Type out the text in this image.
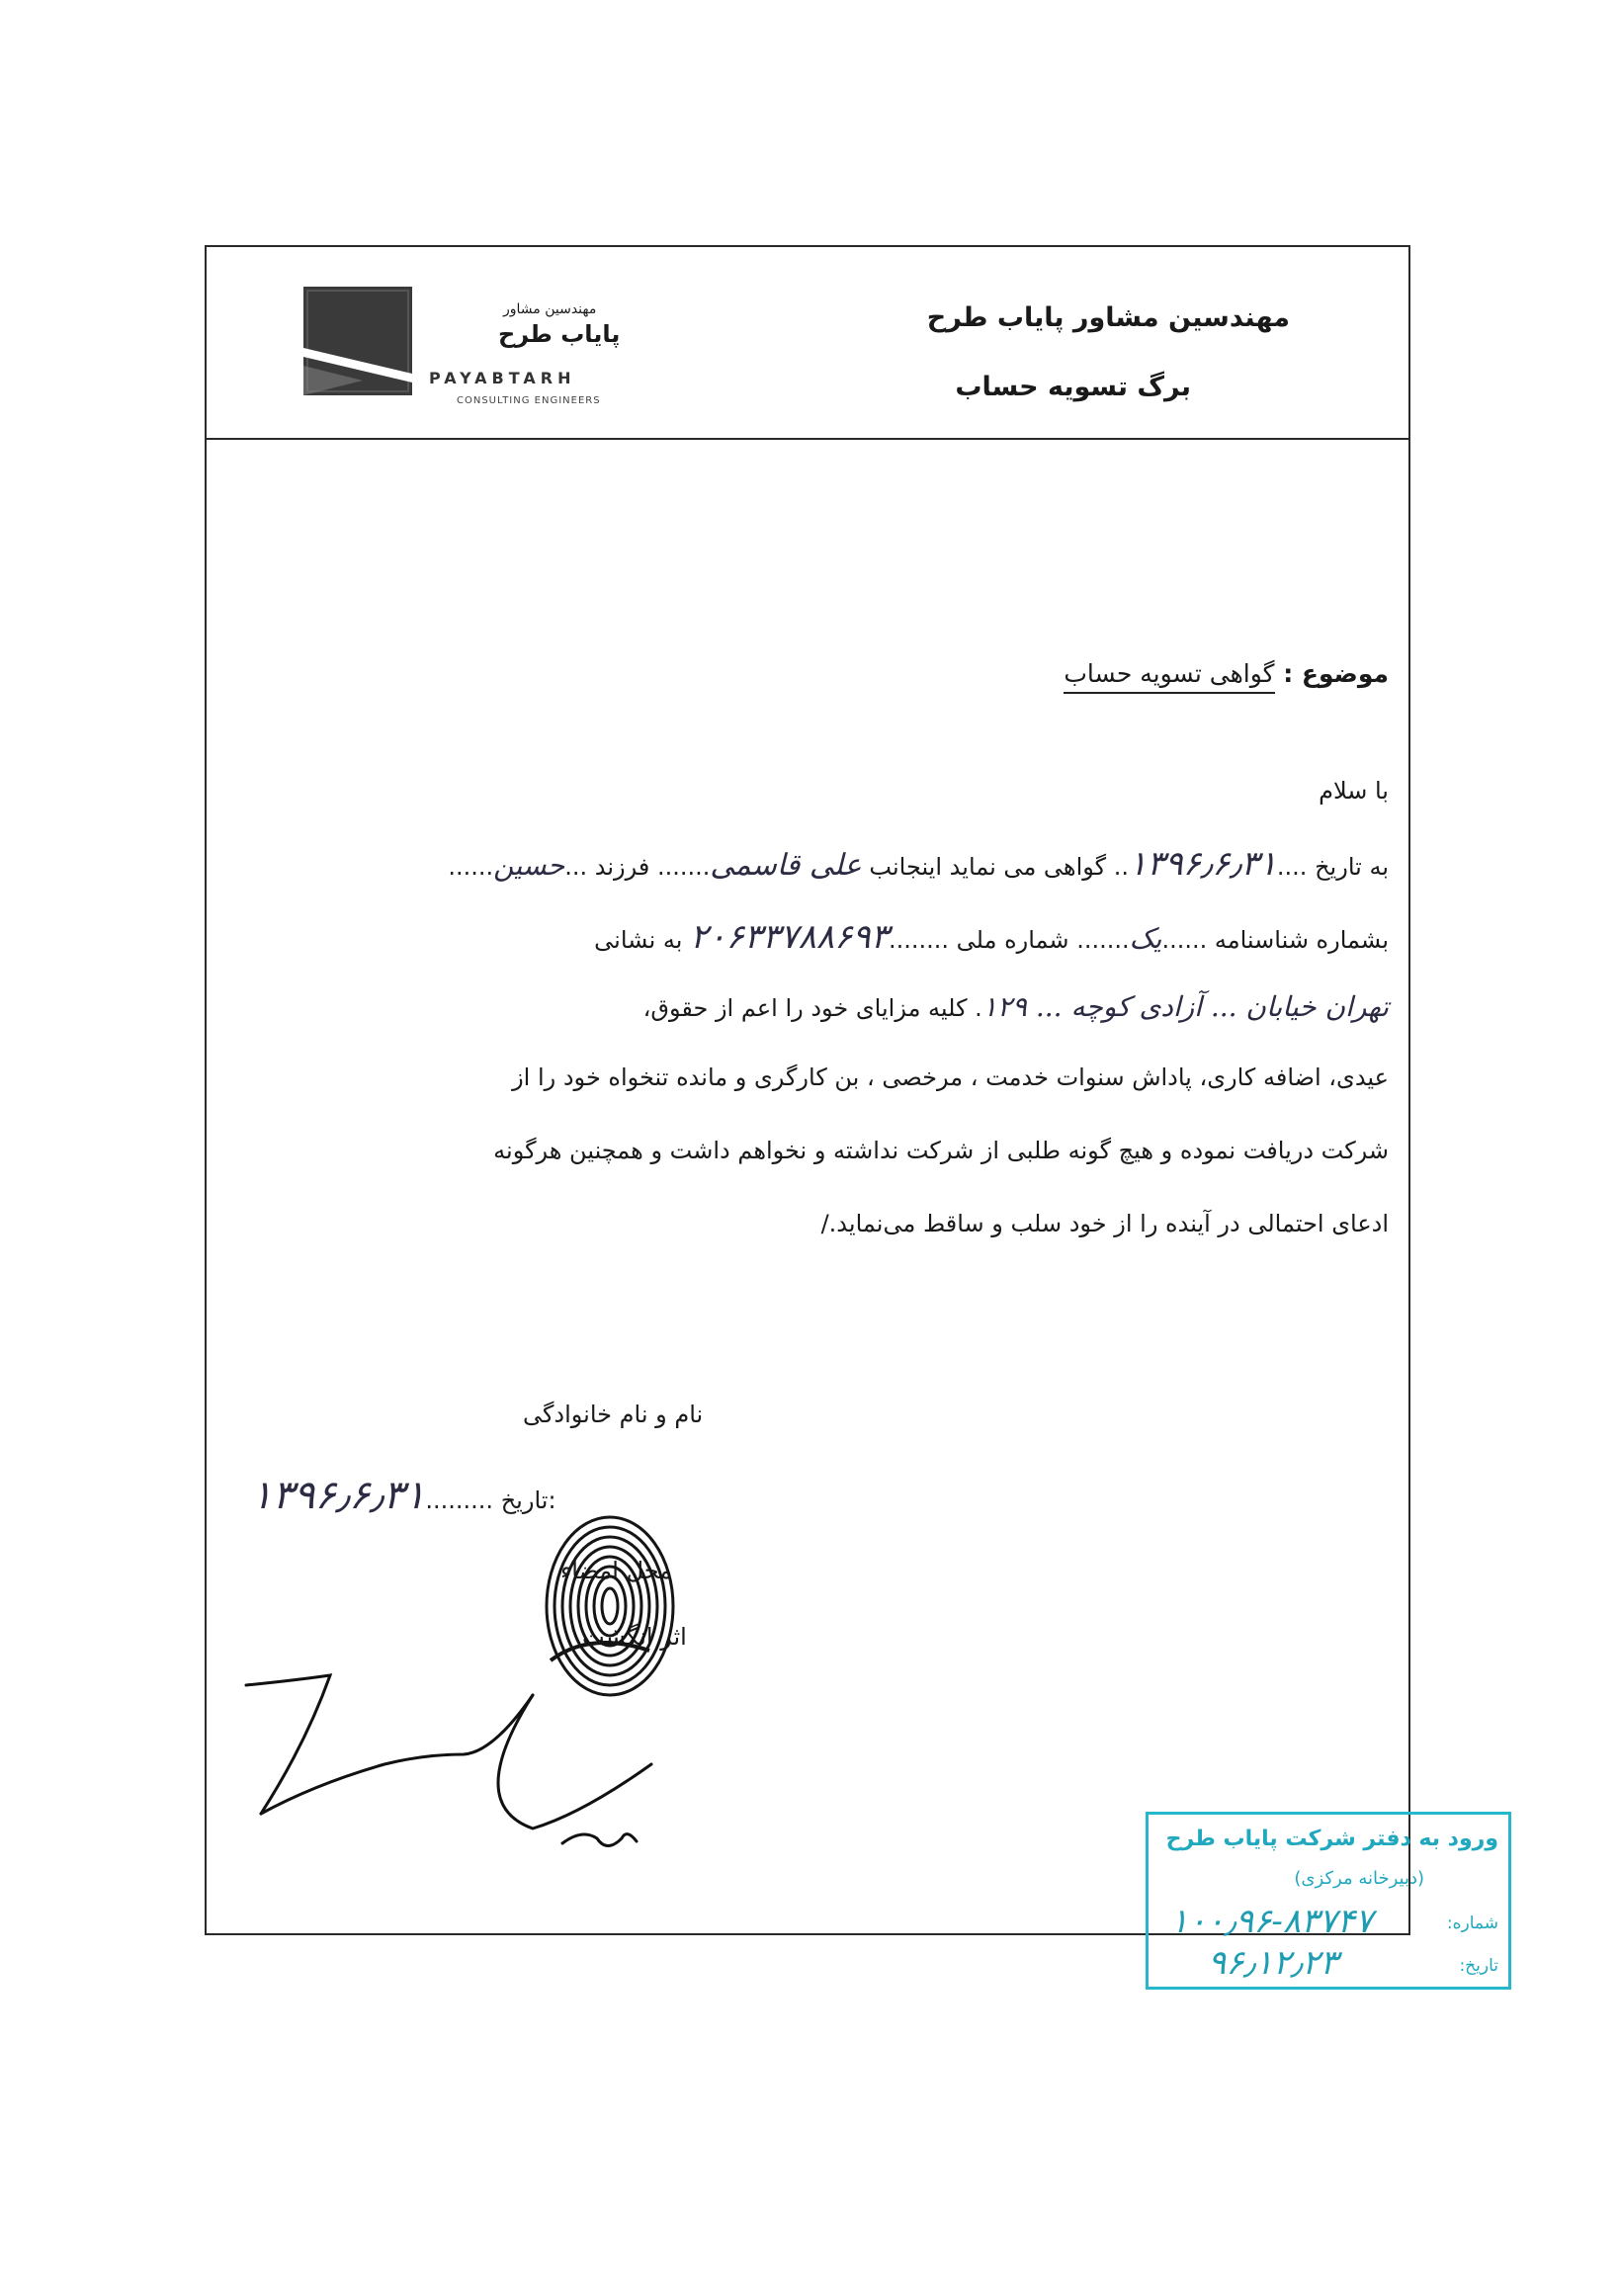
مهندسین مشاور پایاب طرح
برگ تسویه حساب
مهندسین مشاور
پایاب طرح
PAYABTARH
CONSULTING ENGINEERS
موضوع : گواهی تسویه حساب
با سلام
به تاریخ ....۱۳۹۶٫۶٫۳۱.. گواهی می نماید اینجانب علی قاسمی....... فرزند ...حسین......
بشماره شناسنامه ......یک....... شماره ملی ........۲۰۶۳۳۷۸۸۶۹۳ به نشانی
تهران خیابان ... آزادی کوچه ... ۱۲۹. کلیه مزایای خود را اعم از حقوق،
عیدی، اضافه کاری، پاداش سنوات خدمت ، مرخصی ، بن کارگری و مانده تنخواه خود را از
شرکت دریافت نموده و هیچ گونه طلبی از شرکت نداشته و نخواهم داشت و همچنین هرگونه
ادعای احتمالی در آینده را از خود سلب و ساقط می‌نماید./
نام و نام خانوادگی
۱۳۹۶٫۶٫۳۱......... تاریخ:
محل امضاء
اثر انگشت
ورود به دفتر شرکت پایاب طرح
(دبیرخانه مرکزی)
شماره:
تاریخ:
۱۰۰٫۹۶-۸۳۷۴۷
۹۶٫۱۲٫۲۳
